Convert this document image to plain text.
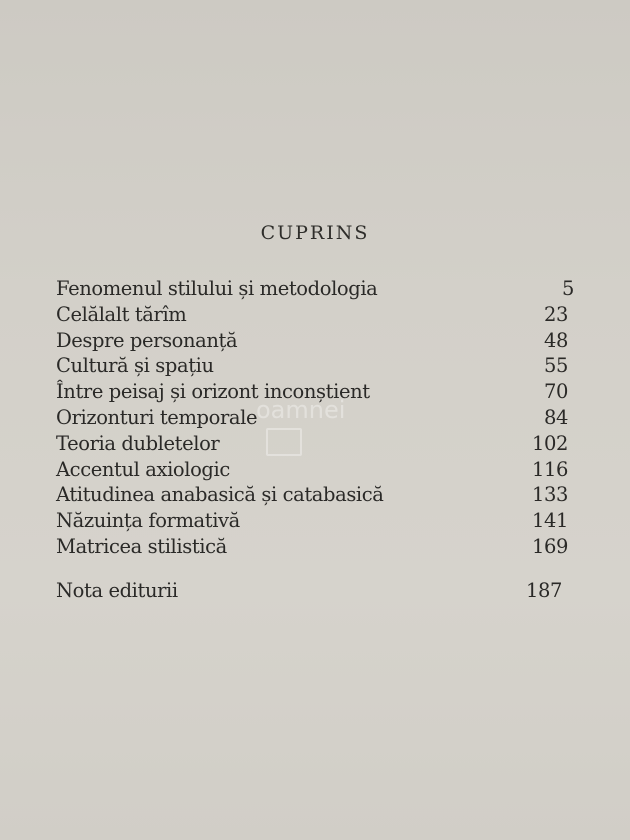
CUPRINS
Fenomenul stilului și metodologia	5
Celălalt tărîm	23
Despre personanță	48
Cultură și spațiu	55
Între peisaj și orizont inconștient	70
Orizonturi temporale	84
Teoria dubletelor	102
Accentul axiologic	116
Atitudinea anabasică și catabasică	133
Năzuința formativă	141
Matricea stilistică	169
Nota editurii	187
oamnei
